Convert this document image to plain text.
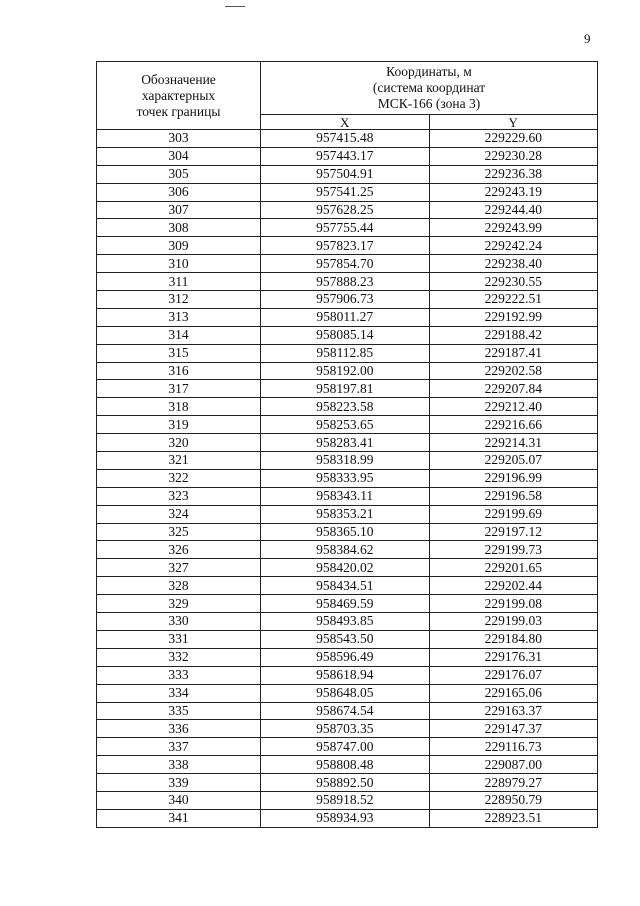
9
Обозначение
характерных
точек границы	Координаты, м
(система координат
МСК-166 (зона 3)	

	X	Y
303	957415.48	229229.60
304	957443.17	229230.28
305	957504.91	229236.38
306	957541.25	229243.19
307	957628.25	229244.40
308	957755.44	229243.99
309	957823.17	229242.24
310	957854.70	229238.40
311	957888.23	229230.55
312	957906.73	229222.51
313	958011.27	229192.99
314	958085.14	229188.42
315	958112.85	229187.41
316	958192.00	229202.58
317	958197.81	229207.84
318	958223.58	229212.40
319	958253.65	229216.66
320	958283.41	229214.31
321	958318.99	229205.07
322	958333.95	229196.99
323	958343.11	229196.58
324	958353.21	229199.69
325	958365.10	229197.12
326	958384.62	229199.73
327	958420.02	229201.65
328	958434.51	229202.44
329	958469.59	229199.08
330	958493.85	229199.03
331	958543.50	229184.80
332	958596.49	229176.31
333	958618.94	229176.07
334	958648.05	229165.06
335	958674.54	229163.37
336	958703.35	229147.37
337	958747.00	229116.73
338	958808.48	229087.00
339	958892.50	228979.27
340	958918.52	228950.79
341	958934.93	228923.51
